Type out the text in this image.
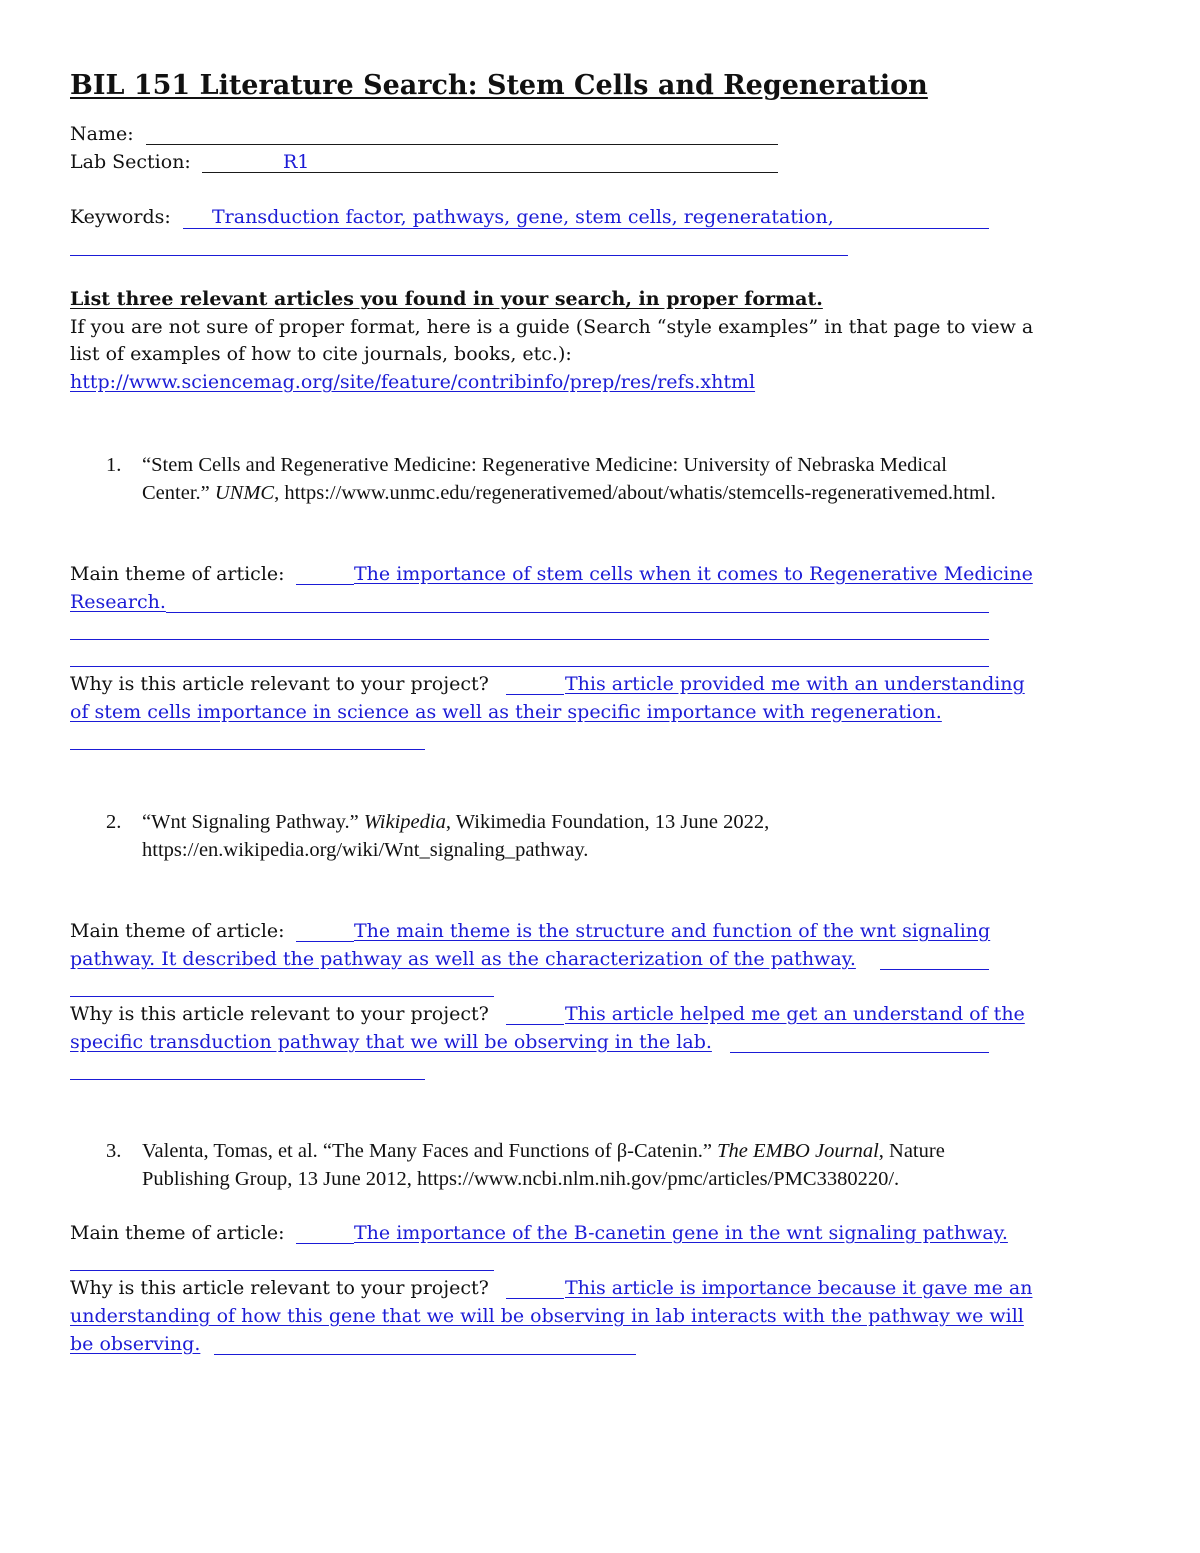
BIL 151 Literature Search: Stem Cells and Regeneration
Name:
Lab Section:	R1
Keywords: Transduction factor, pathways, gene, stem cells, regeneratation,
List three relevant articles you found in your search, in proper format.
If you are not sure of proper format, here is a guide (Search “style examples” in that page to view a
list of examples of how to cite journals, books, etc.):
http://www.sciencemag.org/site/feature/contribinfo/prep/res/refs.xhtml
1. “Stem Cells and Regenerative Medicine: Regenerative Medicine: University of Nebraska Medical
Center.” UNMC, https://www.unmc.edu/regenerativemed/about/whatis/stemcells-regenerativemed.html.
Main theme of article:	The importance of stem cells when it comes to Regenerative Medicine
Research.
Why is this article relevant to your project?	This article provided me with an understanding
of stem cells importance in science as well as their specific importance with regeneration.
2. “Wnt Signaling Pathway.” Wikipedia, Wikimedia Foundation, 13 June 2022,
https://en.wikipedia.org/wiki/Wnt_signaling_pathway.
Main theme of article:	The main theme is the structure and function of the wnt signaling
pathway. It described the pathway as well as the characterization of the pathway.
Why is this article relevant to your project?	This article helped me get an understand of the
specific transduction pathway that we will be observing in the lab.
3. Valenta, Tomas, et al. “The Many Faces and Functions of β-Catenin.” The EMBO Journal, Nature
Publishing Group, 13 June 2012, https://www.ncbi.nlm.nih.gov/pmc/articles/PMC3380220/.
Main theme of article:	The importance of the B-canetin gene in the wnt signaling pathway.
Why is this article relevant to your project?	This article is importance because it gave me an
understanding of how this gene that we will be observing in lab interacts with the pathway we will
be observing.
